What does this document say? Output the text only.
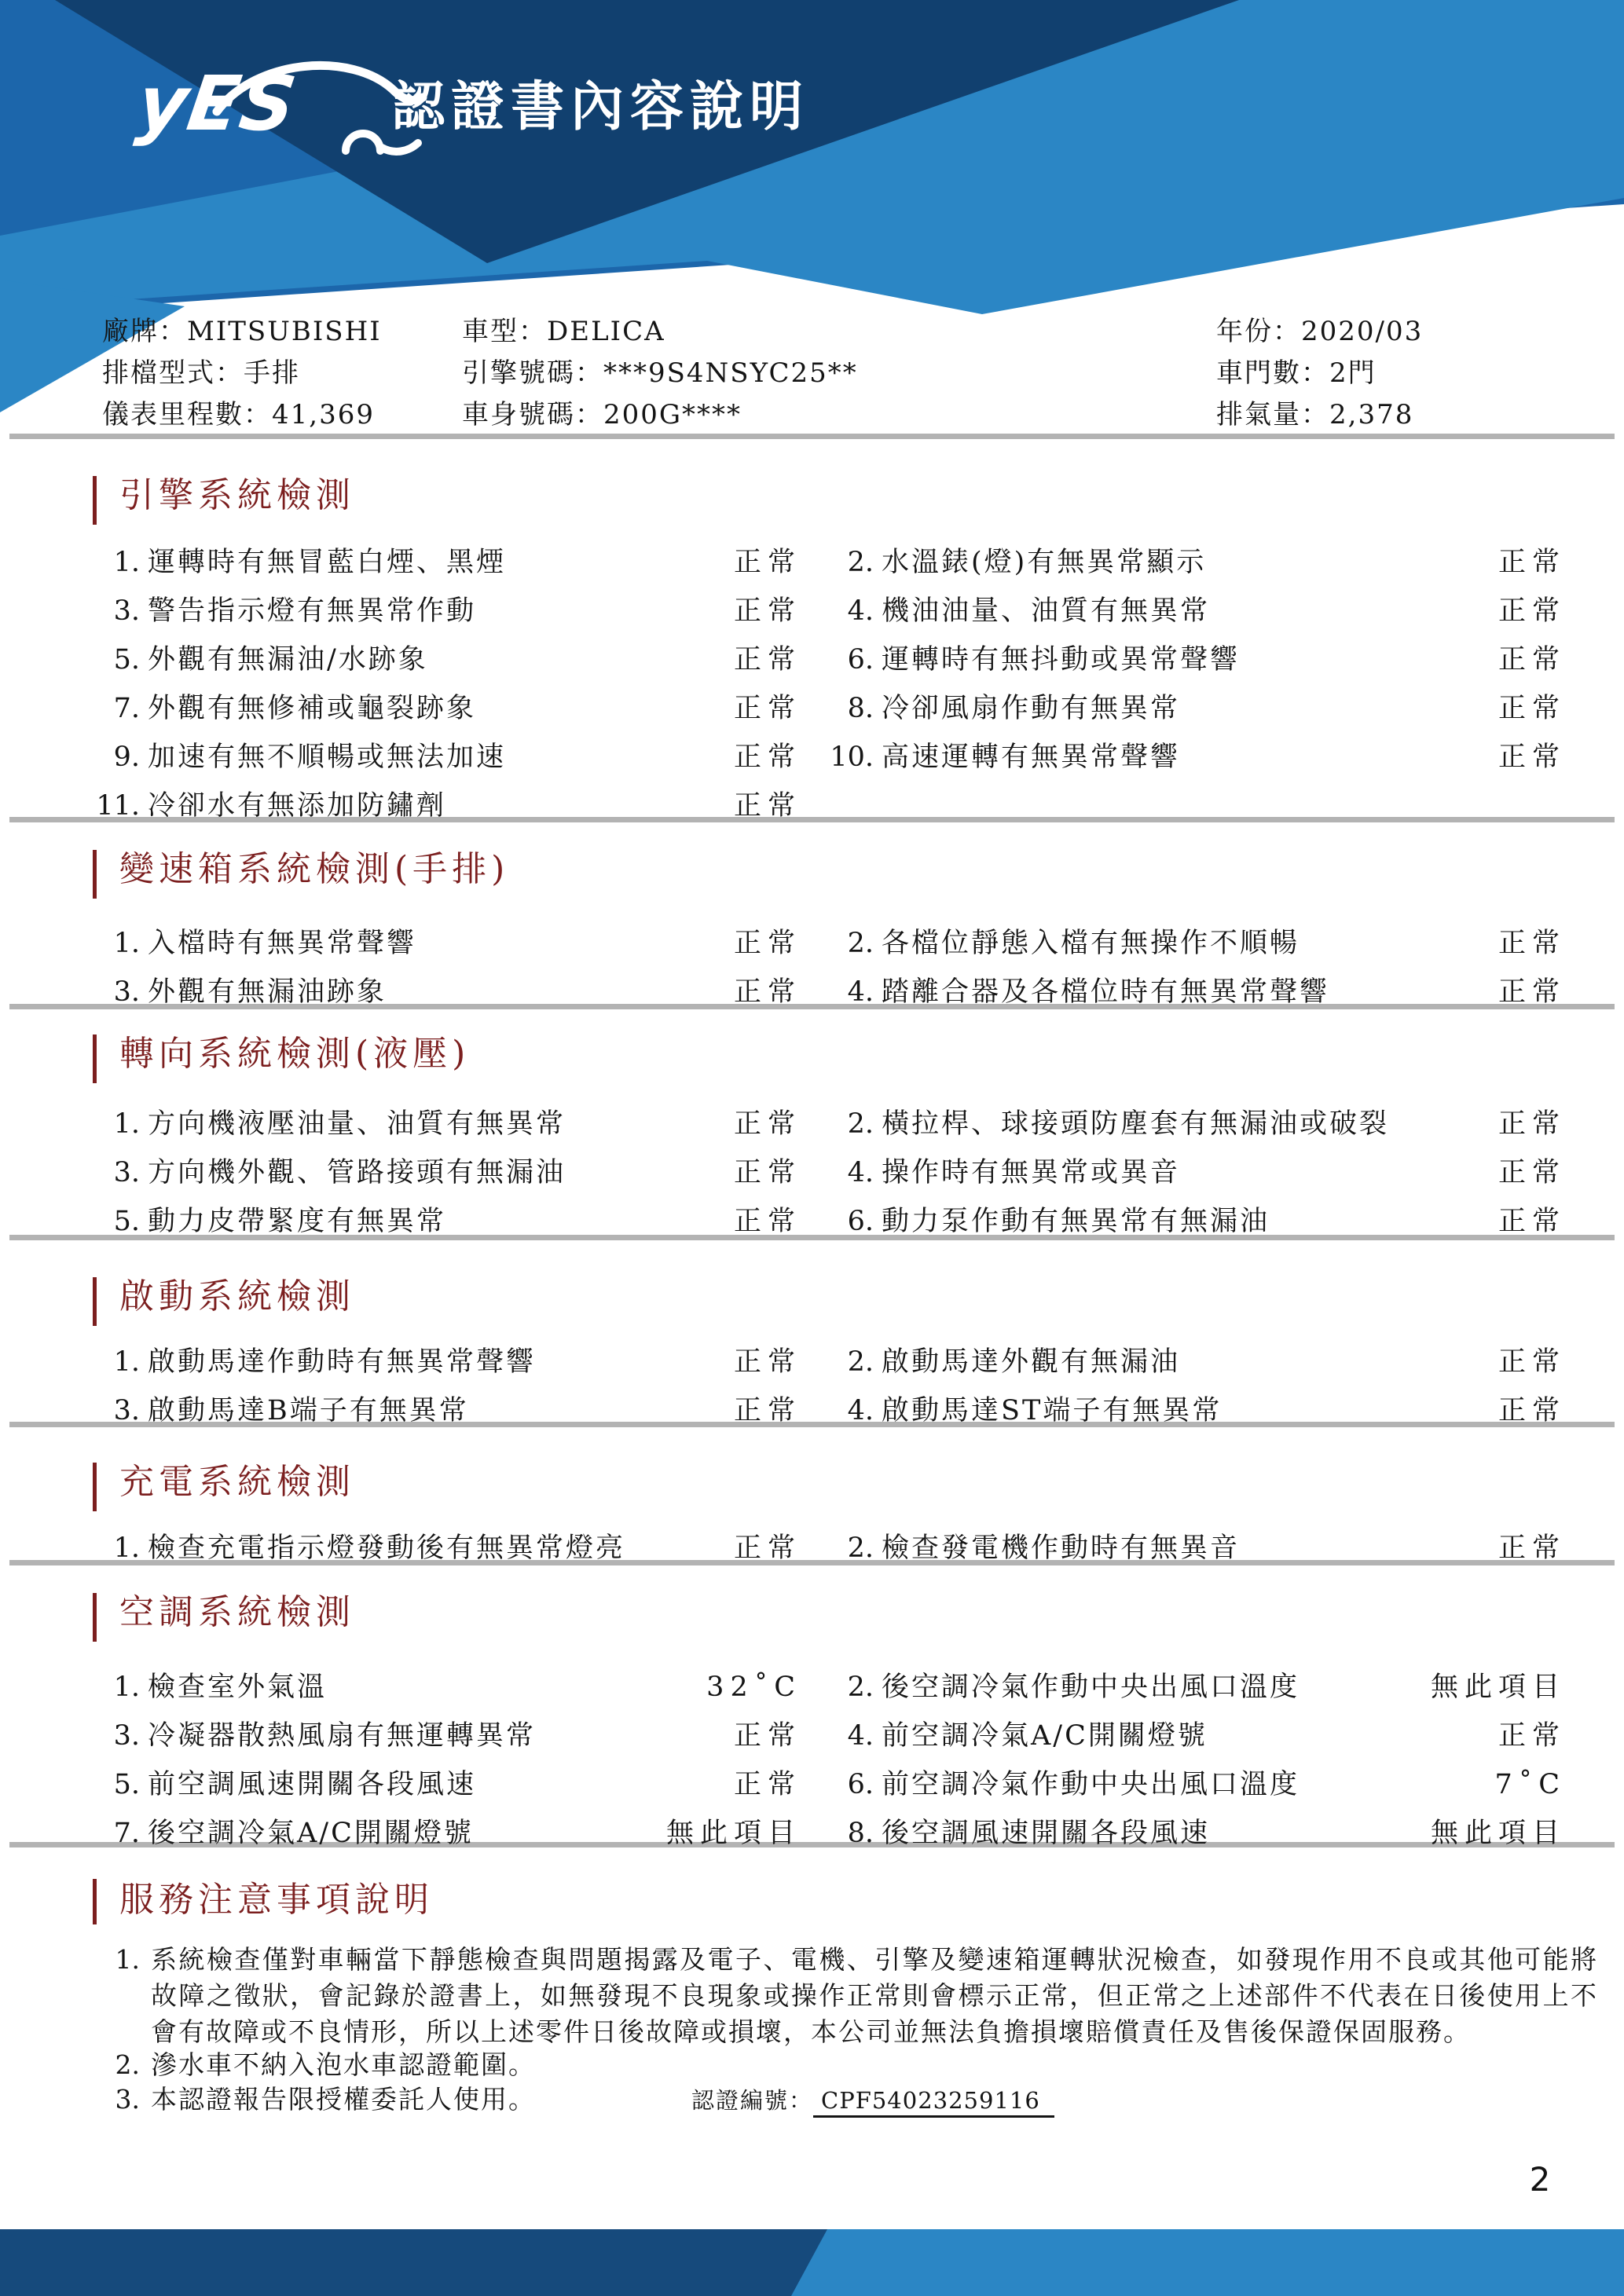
yES 認證書內容說明
廠牌：MITSUBISHI	車型：DELICA	年份：2020/03
排檔型式：手排	引擎號碼：***9S4NSYC25**	車門數：2門
儀表里程數：41,369	車身號碼：200G****	排氣量：2,378
引擎系統檢測
1. 運轉時有無冒藍白煙、黑煙	正常	2. 水溫錶(燈)有無異常顯示	正常
3. 警告指示燈有無異常作動	正常	4. 機油油量、油質有無異常	正常
5. 外觀有無漏油/水跡象	正常	6. 運轉時有無抖動或異常聲響	正常
7. 外觀有無修補或龜裂跡象	正常	8. 冷卻風扇作動有無異常	正常
9. 加速有無不順暢或無法加速	正常	10. 高速運轉有無異常聲響	正常
11. 冷卻水有無添加防鏽劑	正常
變速箱系統檢測(手排)
1. 入檔時有無異常聲響	正常	2. 各檔位靜態入檔有無操作不順暢	正常
3. 外觀有無漏油跡象	正常	4. 踏離合器及各檔位時有無異常聲響	正常
轉向系統檢測(液壓)
1. 方向機液壓油量、油質有無異常	正常	2. 橫拉桿、球接頭防塵套有無漏油或破裂	正常
3. 方向機外觀、管路接頭有無漏油	正常	4. 操作時有無異常或異音	正常
5. 動力皮帶緊度有無異常	正常	6. 動力泵作動有無異常有無漏油	正常
啟動系統檢測
1. 啟動馬達作動時有無異常聲響	正常	2. 啟動馬達外觀有無漏油	正常
3. 啟動馬達B端子有無異常	正常	4. 啟動馬達ST端子有無異常	正常
充電系統檢測
1. 檢查充電指示燈發動後有無異常燈亮	正常	2. 檢查發電機作動時有無異音	正常
空調系統檢測
1. 檢查室外氣溫	32˚C	2. 後空調冷氣作動中央出風口溫度	無此項目
3. 冷凝器散熱風扇有無運轉異常	正常	4. 前空調冷氣A/C開關燈號	正常
5. 前空調風速開關各段風速	正常	6. 前空調冷氣作動中央出風口溫度	7˚C
7. 後空調冷氣A/C開關燈號	無此項目	8. 後空調風速開關各段風速	無此項目
服務注意事項說明
1. 系統檢查僅對車輛當下靜態檢查與問題揭露及電子、電機、引擎及變速箱運轉狀況檢查，如發現作用不良或其他可能將故障之徵狀，會記錄於證書上，如無發現不良現象或操作正常則會標示正常，但正常之上述部件不代表在日後使用上不會有故障或不良情形，所以上述零件日後故障或損壞，本公司並無法負擔損壞賠償責任及售後保證保固服務。
2. 滲水車不納入泡水車認證範圍。
3. 本認證報告限授權委託人使用。	認證編號： CPF54023259116
2
